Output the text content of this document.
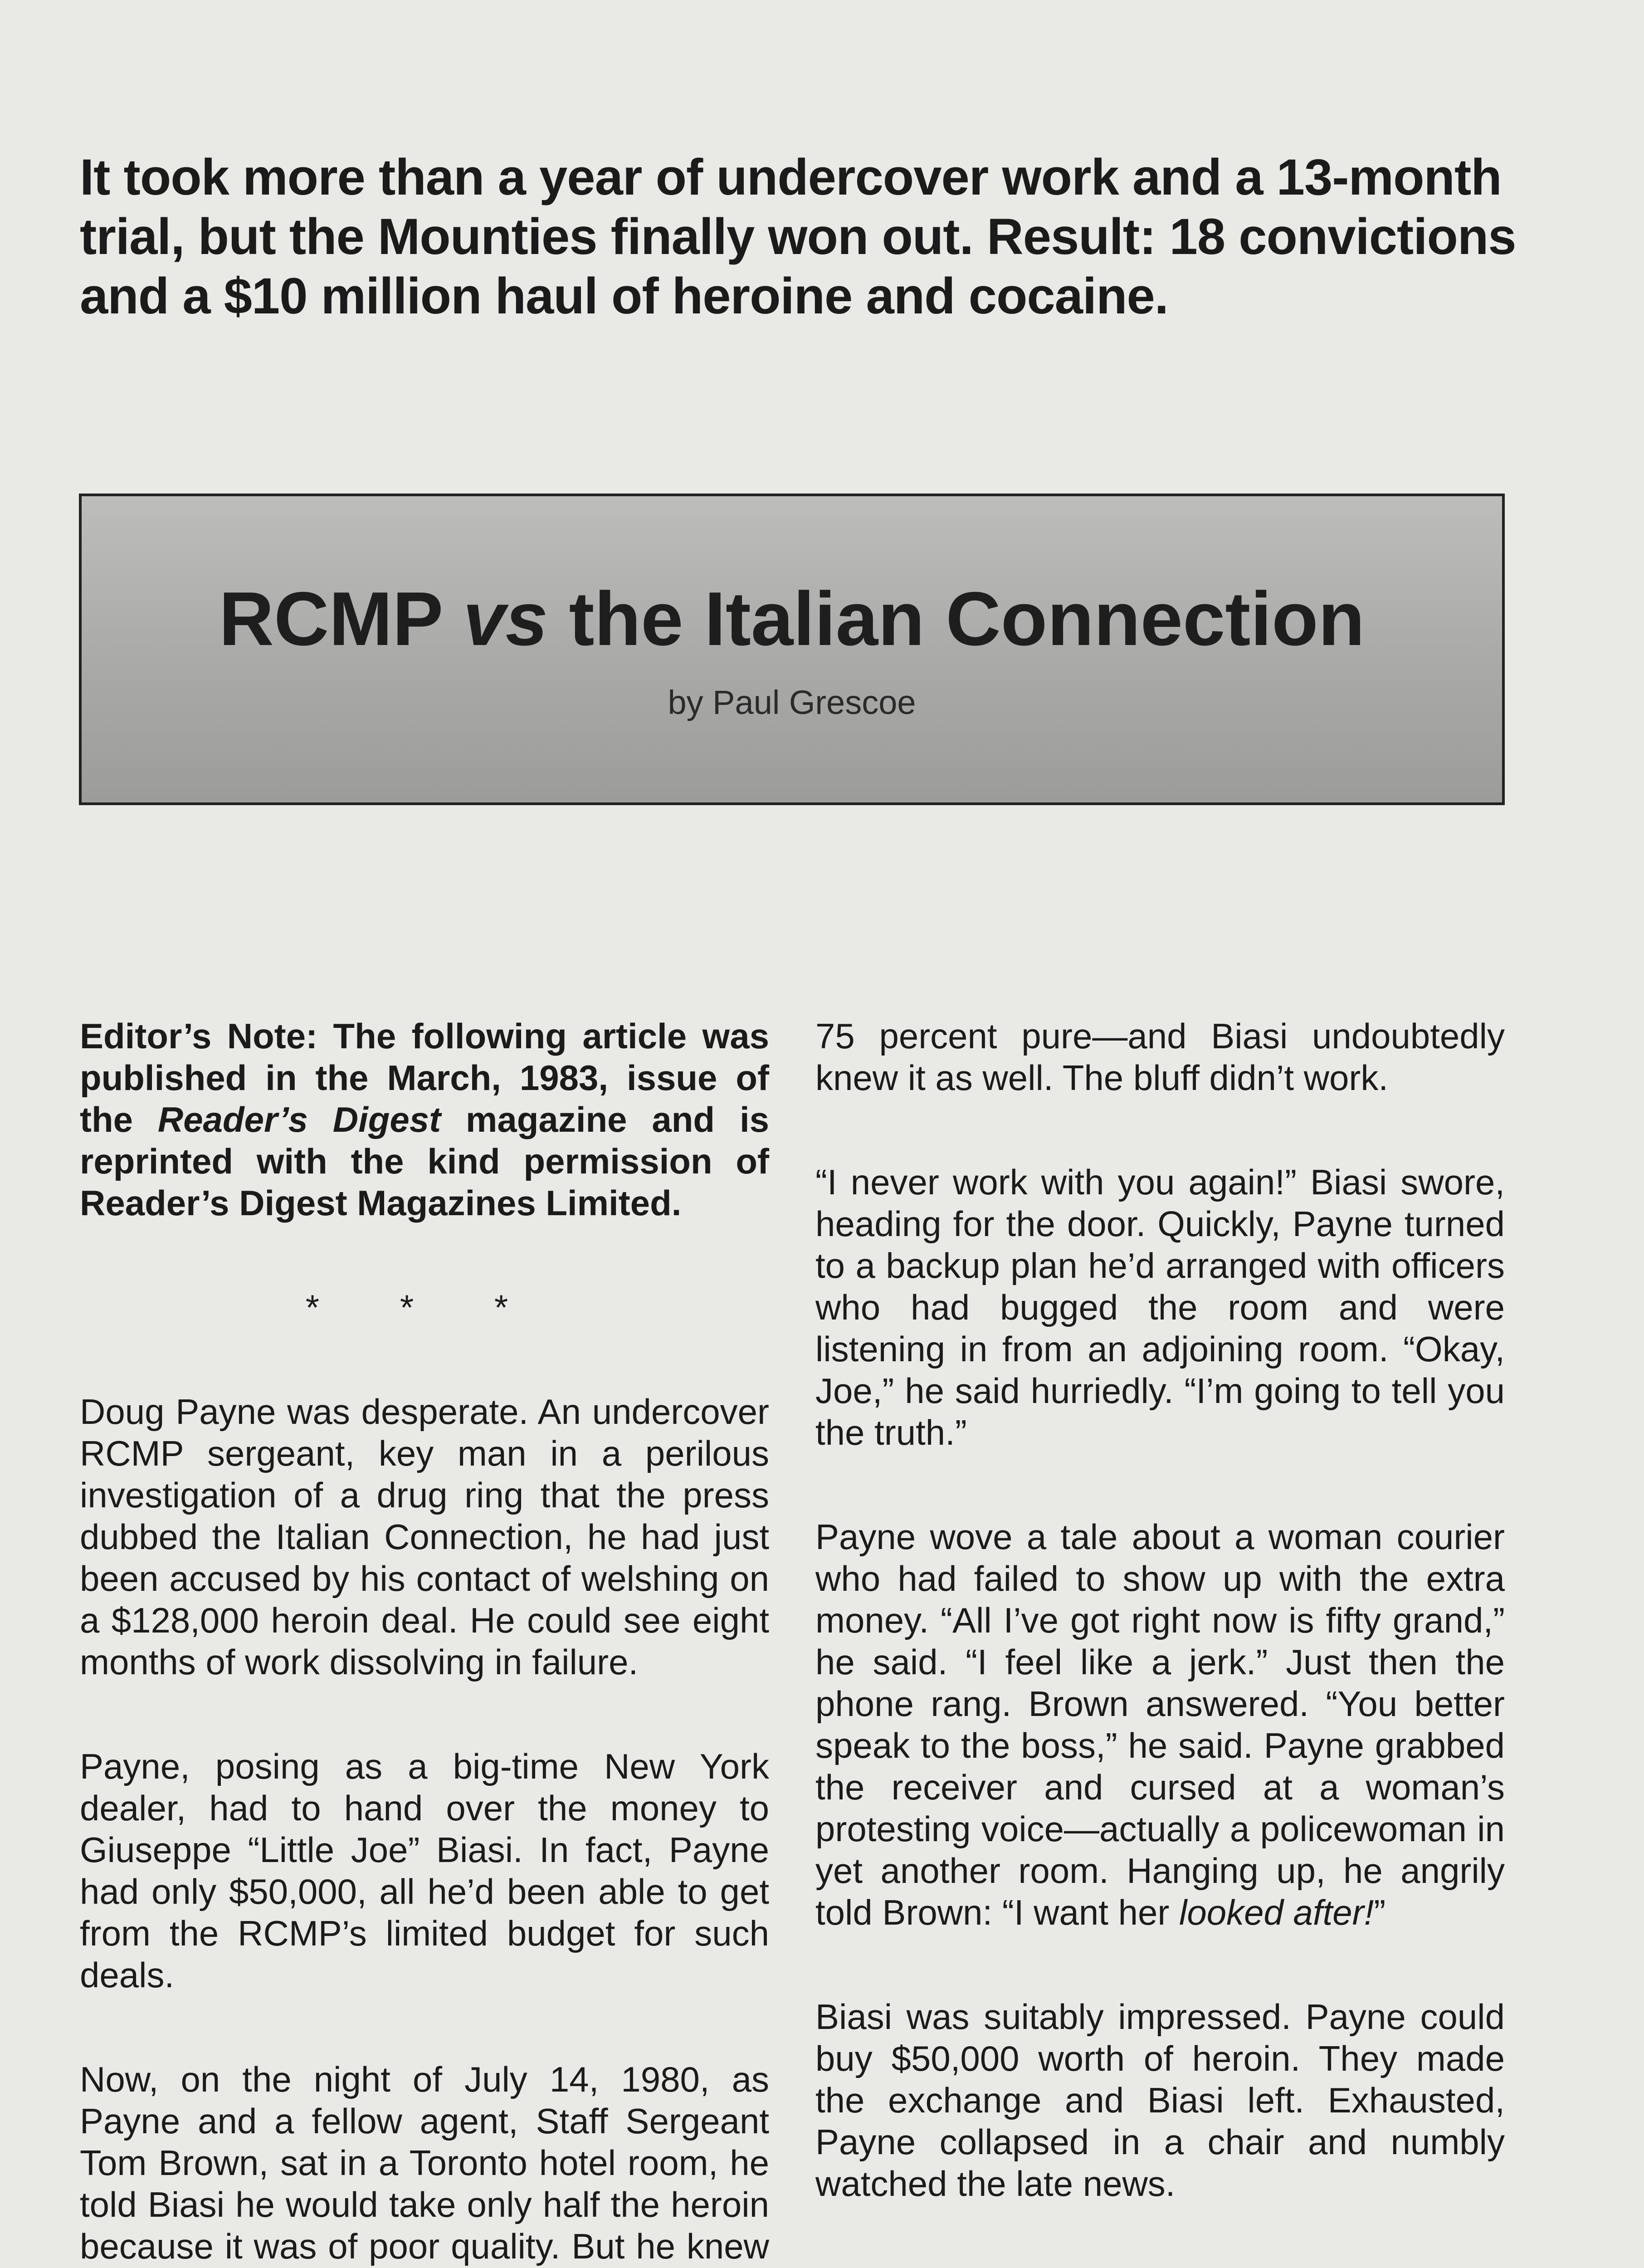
It took more than a year of undercover work and a 13-month trial, but the Mounties finally won out. Result: 18 convictions and a $10 million haul of heroine and cocaine.
RCMP vs the Italian Connection
by Paul Grescoe

Editor’s Note: The following article was published in the March, 1983, issue of the Reader’s Digest magazine and is reprinted with the kind permission of Reader’s Digest Magazines Limited.

* * *

Doug Payne was desperate. An undercover RCMP sergeant, key man in a perilous investigation of a drug ring that the press dubbed the Italian Connection, he had just been accused by his contact of welshing on a $128,000 heroin deal. He could see eight months of work dissolving in failure.

Payne, posing as a big-time New York dealer, had to hand over the money to Giuseppe “Little Joe” Biasi. In fact, Payne had only $50,000, all he’d been able to get from the RCMP’s limited budget for such deals.

Now, on the night of July 14, 1980, as Payne and a fellow agent, Staff Sergeant Tom Brown, sat in a Toronto hotel room, he told Biasi he would take only half the heroin because it was of poor quality. But he knew

75 percent pure—and Biasi undoubtedly knew it as well. The bluff didn’t work.

“I never work with you again!” Biasi swore, heading for the door. Quickly, Payne turned to a backup plan he’d arranged with officers who had bugged the room and were listening in from an adjoining room. “Okay, Joe,” he said hurriedly. “I’m going to tell you the truth.”

Payne wove a tale about a woman courier who had failed to show up with the extra money. “All I’ve got right now is fifty grand,” he said. “I feel like a jerk.” Just then the phone rang. Brown answered. “You better speak to the boss,” he said. Payne grabbed the receiver and cursed at a woman’s protesting voice—actually a policewoman in yet another room. Hanging up, he angrily told Brown: “I want her looked after!”

Biasi was suitably impressed. Payne could buy $50,000 worth of heroin. They made the exchange and Biasi left. Exhausted, Payne collapsed in a chair and numbly watched the late news.
